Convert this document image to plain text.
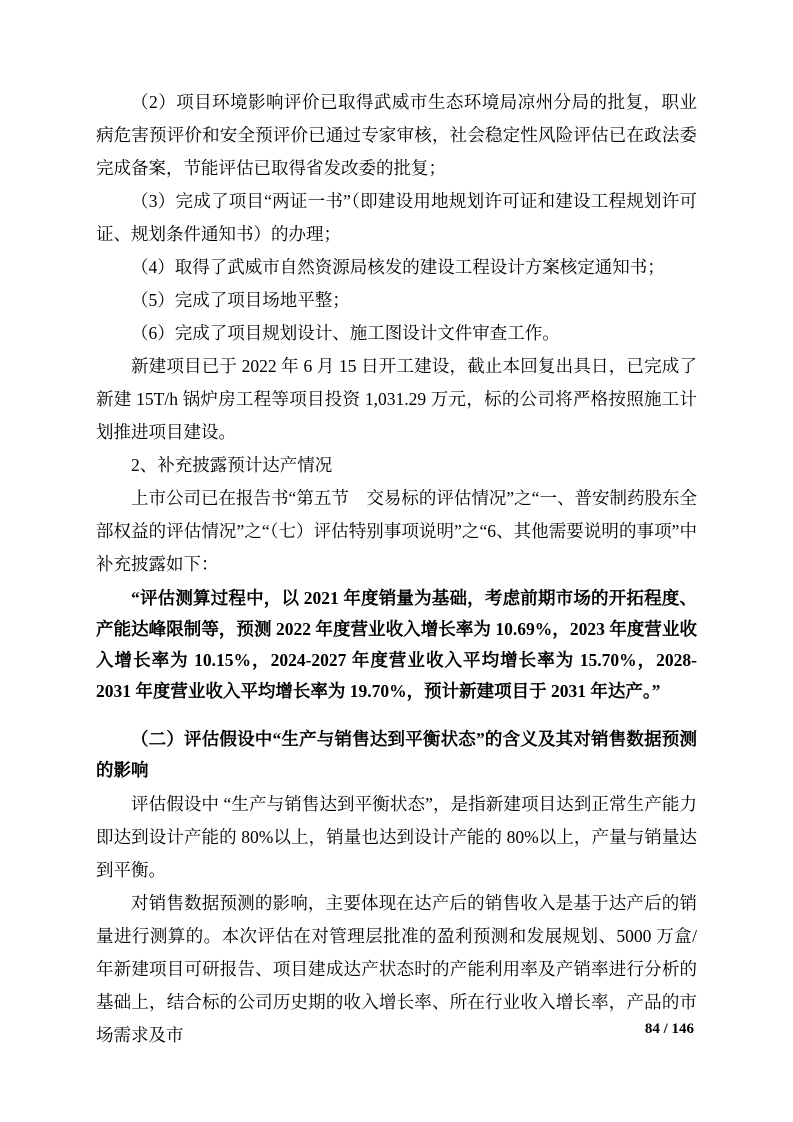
（2）项目环境影响评价已取得武威市生态环境局凉州分局的批复，职业病危害预评价和安全预评价已通过专家审核，社会稳定性风险评估已在政法委完成备案，节能评估已取得省发改委的批复；

（3）完成了项目“两证一书”（即建设用地规划许可证和建设工程规划许可证、规划条件通知书）的办理；

（4）取得了武威市自然资源局核发的建设工程设计方案核定通知书；

（5）完成了项目场地平整；

（6）完成了项目规划设计、施工图设计文件审查工作。

新建项目已于 2022 年 6 月 15 日开工建设，截止本回复出具日，已完成了新建 15T/h 锅炉房工程等项目投资 1,031.29 万元，标的公司将严格按照施工计划推进项目建设。

2、补充披露预计达产情况

上市公司已在报告书“第五节　交易标的评估情况”之“一、普安制药股东全部权益的评估情况”之“（七）评估特别事项说明”之“6、其他需要说明的事项”中补充披露如下：

“评估测算过程中，以 2021 年度销量为基础，考虑前期市场的开拓程度、产能达峰限制等，预测 2022 年度营业收入增长率为 10.69%，2023 年度营业收入增长率为 10.15%，2024-2027 年度营业收入平均增长率为 15.70%，2028-2031 年度营业收入平均增长率为 19.70%，预计新建项目于 2031 年达产。”

（二）评估假设中“生产与销售达到平衡状态”的含义及其对销售数据预测的影响

评估假设中 “生产与销售达到平衡状态”，是指新建项目达到正常生产能力即达到设计产能的 80%以上，销量也达到设计产能的 80%以上，产量与销量达到平衡。

对销售数据预测的影响，主要体现在达产后的销售收入是基于达产后的销量进行测算的。本次评估在对管理层批准的盈利预测和发展规划、5000 万盒/年新建项目可研报告、项目建成达产状态时的产能利用率及产销率进行分析的基础上，结合标的公司历史期的收入增长率、所在行业收入增长率，产品的市场需求及市	84 / 146
